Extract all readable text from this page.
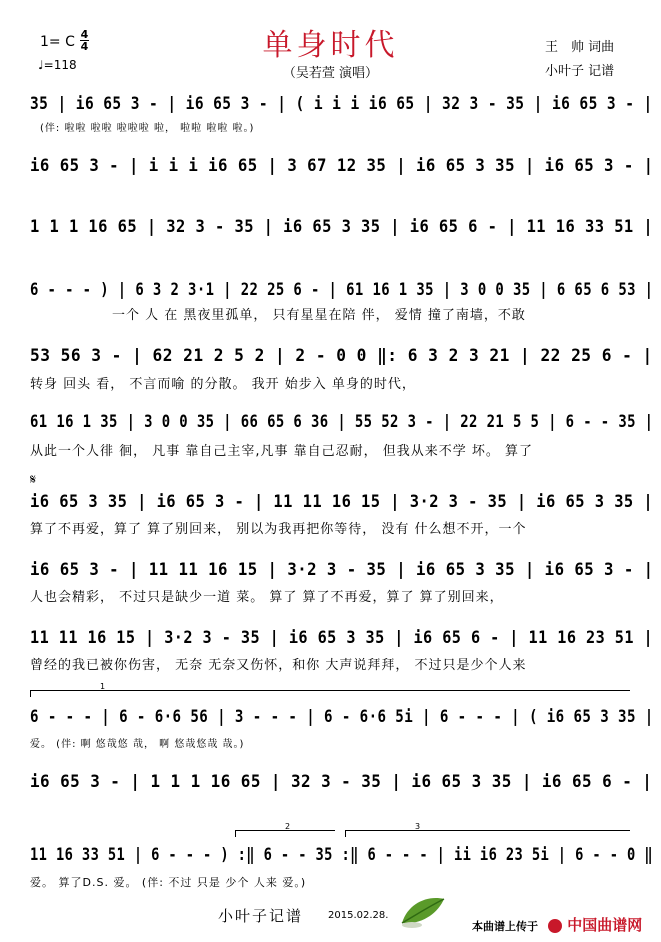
单身时代
（吴若萱 演唱）
1= C 4
4
♩=118
王　帅 词曲
小叶子 记谱
35 | i6 65 3 - | i6 65 3 - | ( i i i i6 65 | 32 3 - 35 | i6 65 3 - |
(伴: 啦啦 啦啦 啦啦啦 啦， 啦啦 啦啦 啦。)
i6 65 3 - | i i i i6 65 | 3 67 12 35 | i6 65 3 35 | i6 65 3 - |
1 1 1 16 65 | 32 3 - 35 | i6 65 3 35 | i6 65 6 - | 11 16 33 51 |
6 - - - ) | 6 3 2 3·1 | 22 25 6 - | 61 16 1 35 | 3 0 0 35 | 6 65 6 53 |
一个 人 在 黑夜里孤单， 只有星星在陪 伴， 爱情 撞了南墙，不敢
53 56 3 - | 62 21 2 5 2 | 2 - 0 0 ‖: 6 3 2 3 21 | 22 25 6 - |
转身 回头 看， 不言而喻 的分散。 我开 始步入 单身的时代，
61 16 1 35 | 3 0 0 35 | 66 65 6 36 | 55 52 3 - | 22 21 5 5 | 6 - - 35 |
从此一个人徘 徊， 凡事 靠自己主宰,凡事 靠自己忍耐， 但我从来不学 坏。 算了
𝄋
i6 65 3 35 | i6 65 3 - | 11 11 16 15 | 3·2 3 - 35 | i6 65 3 35 |
算了不再爱，算了 算了别回来， 别以为我再把你等待， 没有 什么想不开，一个
i6 65 3 - | 11 11 16 15 | 3·2 3 - 35 | i6 65 3 35 | i6 65 3 - |
人也会精彩， 不过只是缺少一道 菜。 算了 算了不再爱，算了 算了别回来，
11 11 16 15 | 3·2 3 - 35 | i6 65 3 35 | i6 65 6 - | 11 16 23 51 |
曾经的我已被你伤害， 无奈 无奈又伤怀，和你 大声说拜拜， 不过只是少个人来
1
6 - - - | 6 - 6·6 56 | 3 - - - | 6 - 6·6 5i | 6 - - - | ( i6 65 3 35 |
爱。 (伴: 啊 悠哉悠 哉， 啊 悠哉悠哉 哉。)
i6 65 3 - | 1 1 1 16 65 | 32 3 - 35 | i6 65 3 35 | i6 65 6 - |
2	3
11 16 33 51 | 6 - - - ) :‖ 6 - - 35 :‖ 6 - - - | ii i6 23 5i | 6 - - 0 ‖
爱。 算了D.S. 爱。 (伴: 不过 只是 少个 人来 爱。)
小叶子记谱 2015.02.28.
本曲谱上传于	中国曲谱网
